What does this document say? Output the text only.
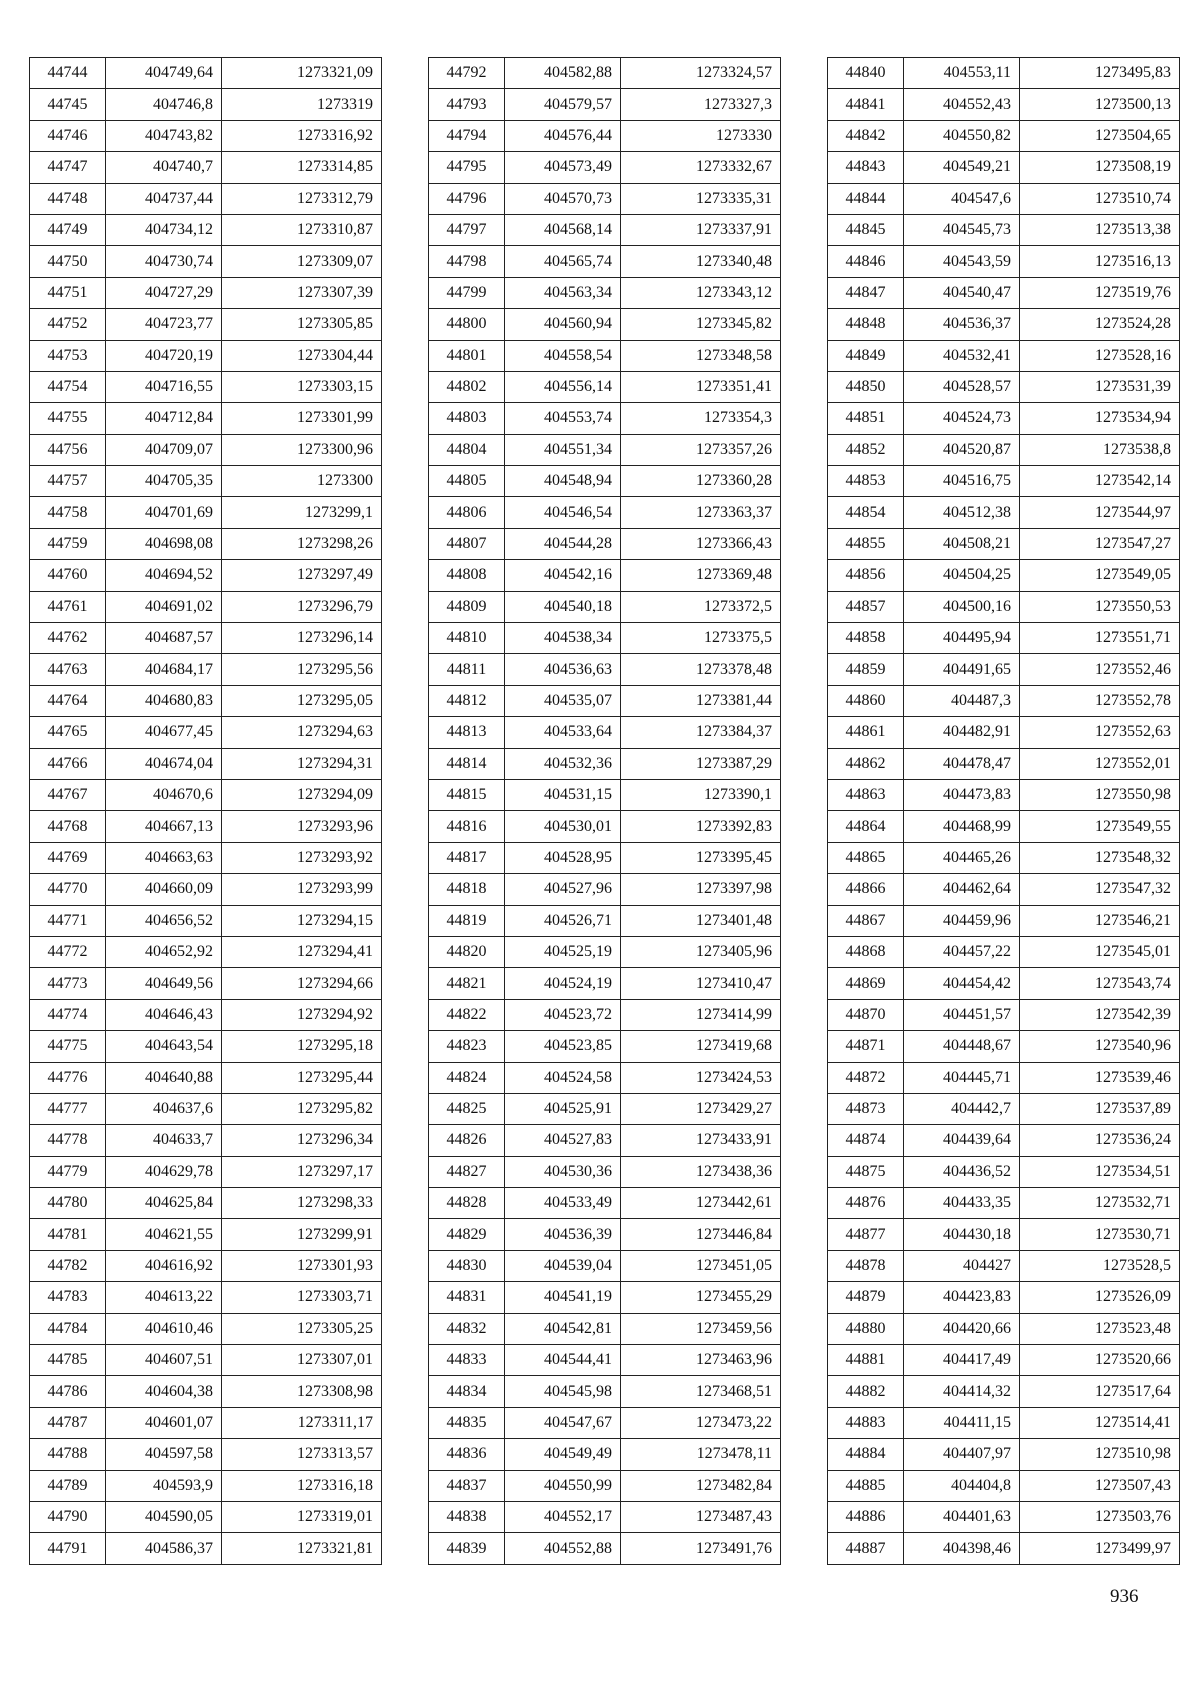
44744	404749,64	1273321,09
44745	404746,8	1273319
44746	404743,82	1273316,92
44747	404740,7	1273314,85
44748	404737,44	1273312,79
44749	404734,12	1273310,87
44750	404730,74	1273309,07
44751	404727,29	1273307,39
44752	404723,77	1273305,85
44753	404720,19	1273304,44
44754	404716,55	1273303,15
44755	404712,84	1273301,99
44756	404709,07	1273300,96
44757	404705,35	1273300
44758	404701,69	1273299,1
44759	404698,08	1273298,26
44760	404694,52	1273297,49
44761	404691,02	1273296,79
44762	404687,57	1273296,14
44763	404684,17	1273295,56
44764	404680,83	1273295,05
44765	404677,45	1273294,63
44766	404674,04	1273294,31
44767	404670,6	1273294,09
44768	404667,13	1273293,96
44769	404663,63	1273293,92
44770	404660,09	1273293,99
44771	404656,52	1273294,15
44772	404652,92	1273294,41
44773	404649,56	1273294,66
44774	404646,43	1273294,92
44775	404643,54	1273295,18
44776	404640,88	1273295,44
44777	404637,6	1273295,82
44778	404633,7	1273296,34
44779	404629,78	1273297,17
44780	404625,84	1273298,33
44781	404621,55	1273299,91
44782	404616,92	1273301,93
44783	404613,22	1273303,71
44784	404610,46	1273305,25
44785	404607,51	1273307,01
44786	404604,38	1273308,98
44787	404601,07	1273311,17
44788	404597,58	1273313,57
44789	404593,9	1273316,18
44790	404590,05	1273319,01
44791	404586,37	1273321,81
44792	404582,88	1273324,57
44793	404579,57	1273327,3
44794	404576,44	1273330
44795	404573,49	1273332,67
44796	404570,73	1273335,31
44797	404568,14	1273337,91
44798	404565,74	1273340,48
44799	404563,34	1273343,12
44800	404560,94	1273345,82
44801	404558,54	1273348,58
44802	404556,14	1273351,41
44803	404553,74	1273354,3
44804	404551,34	1273357,26
44805	404548,94	1273360,28
44806	404546,54	1273363,37
44807	404544,28	1273366,43
44808	404542,16	1273369,48
44809	404540,18	1273372,5
44810	404538,34	1273375,5
44811	404536,63	1273378,48
44812	404535,07	1273381,44
44813	404533,64	1273384,37
44814	404532,36	1273387,29
44815	404531,15	1273390,1
44816	404530,01	1273392,83
44817	404528,95	1273395,45
44818	404527,96	1273397,98
44819	404526,71	1273401,48
44820	404525,19	1273405,96
44821	404524,19	1273410,47
44822	404523,72	1273414,99
44823	404523,85	1273419,68
44824	404524,58	1273424,53
44825	404525,91	1273429,27
44826	404527,83	1273433,91
44827	404530,36	1273438,36
44828	404533,49	1273442,61
44829	404536,39	1273446,84
44830	404539,04	1273451,05
44831	404541,19	1273455,29
44832	404542,81	1273459,56
44833	404544,41	1273463,96
44834	404545,98	1273468,51
44835	404547,67	1273473,22
44836	404549,49	1273478,11
44837	404550,99	1273482,84
44838	404552,17	1273487,43
44839	404552,88	1273491,76
44840	404553,11	1273495,83
44841	404552,43	1273500,13
44842	404550,82	1273504,65
44843	404549,21	1273508,19
44844	404547,6	1273510,74
44845	404545,73	1273513,38
44846	404543,59	1273516,13
44847	404540,47	1273519,76
44848	404536,37	1273524,28
44849	404532,41	1273528,16
44850	404528,57	1273531,39
44851	404524,73	1273534,94
44852	404520,87	1273538,8
44853	404516,75	1273542,14
44854	404512,38	1273544,97
44855	404508,21	1273547,27
44856	404504,25	1273549,05
44857	404500,16	1273550,53
44858	404495,94	1273551,71
44859	404491,65	1273552,46
44860	404487,3	1273552,78
44861	404482,91	1273552,63
44862	404478,47	1273552,01
44863	404473,83	1273550,98
44864	404468,99	1273549,55
44865	404465,26	1273548,32
44866	404462,64	1273547,32
44867	404459,96	1273546,21
44868	404457,22	1273545,01
44869	404454,42	1273543,74
44870	404451,57	1273542,39
44871	404448,67	1273540,96
44872	404445,71	1273539,46
44873	404442,7	1273537,89
44874	404439,64	1273536,24
44875	404436,52	1273534,51
44876	404433,35	1273532,71
44877	404430,18	1273530,71
44878	404427	1273528,5
44879	404423,83	1273526,09
44880	404420,66	1273523,48
44881	404417,49	1273520,66
44882	404414,32	1273517,64
44883	404411,15	1273514,41
44884	404407,97	1273510,98
44885	404404,8	1273507,43
44886	404401,63	1273503,76
44887	404398,46	1273499,97
936
